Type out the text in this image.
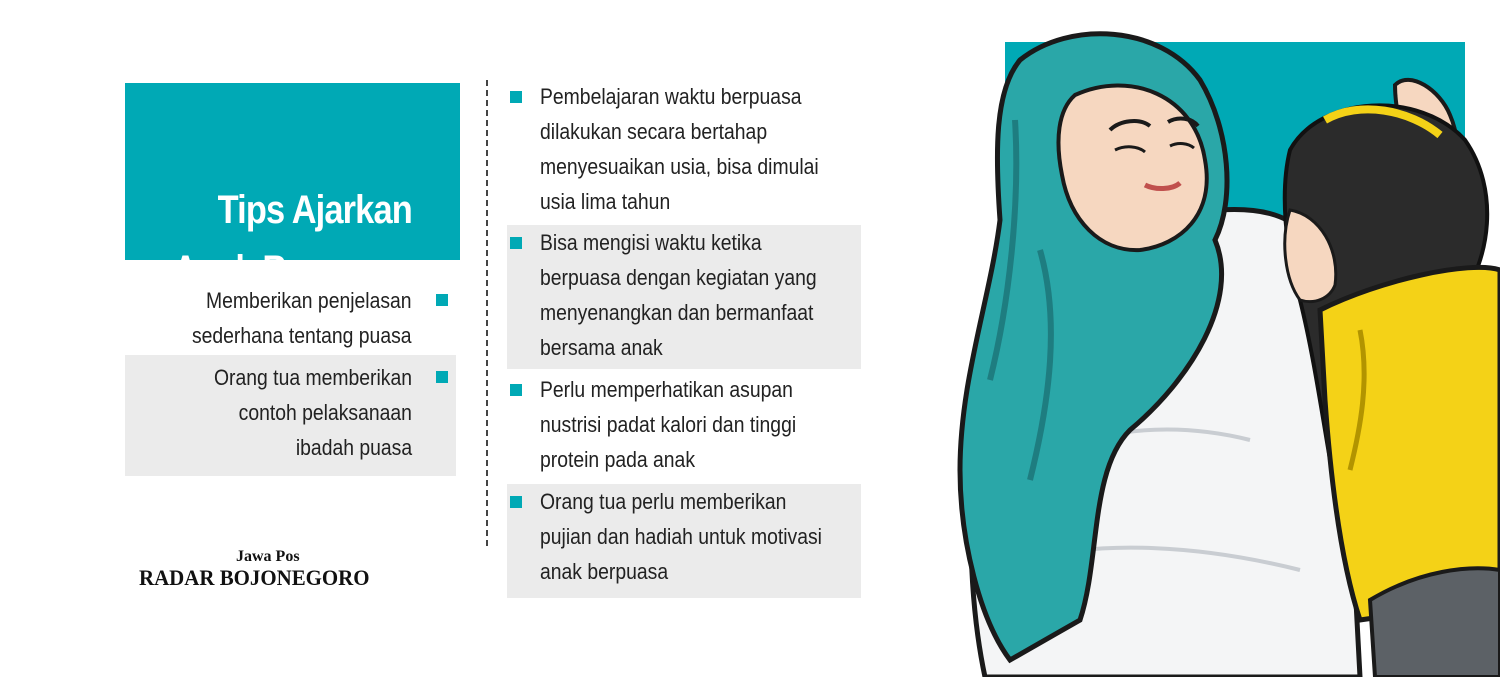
Tips Ajarkan
Anak Berpuasa
Memberikan penjelasan
sederhana tentang puasa
Orang tua memberikan
contoh pelaksanaan
ibadah puasa
Pembelajaran waktu berpuasa
dilakukan secara bertahap
menyesuaikan usia, bisa dimulai
usia lima tahun
Bisa mengisi waktu ketika
berpuasa dengan kegiatan yang
menyenangkan dan bermanfaat
bersama anak
Perlu memperhatikan asupan
nustrisi padat kalori dan tinggi
protein pada anak
Orang tua perlu memberikan
pujian dan hadiah untuk motivasi
anak berpuasa
Jawa Pos
RADAR BOJONEGORO
